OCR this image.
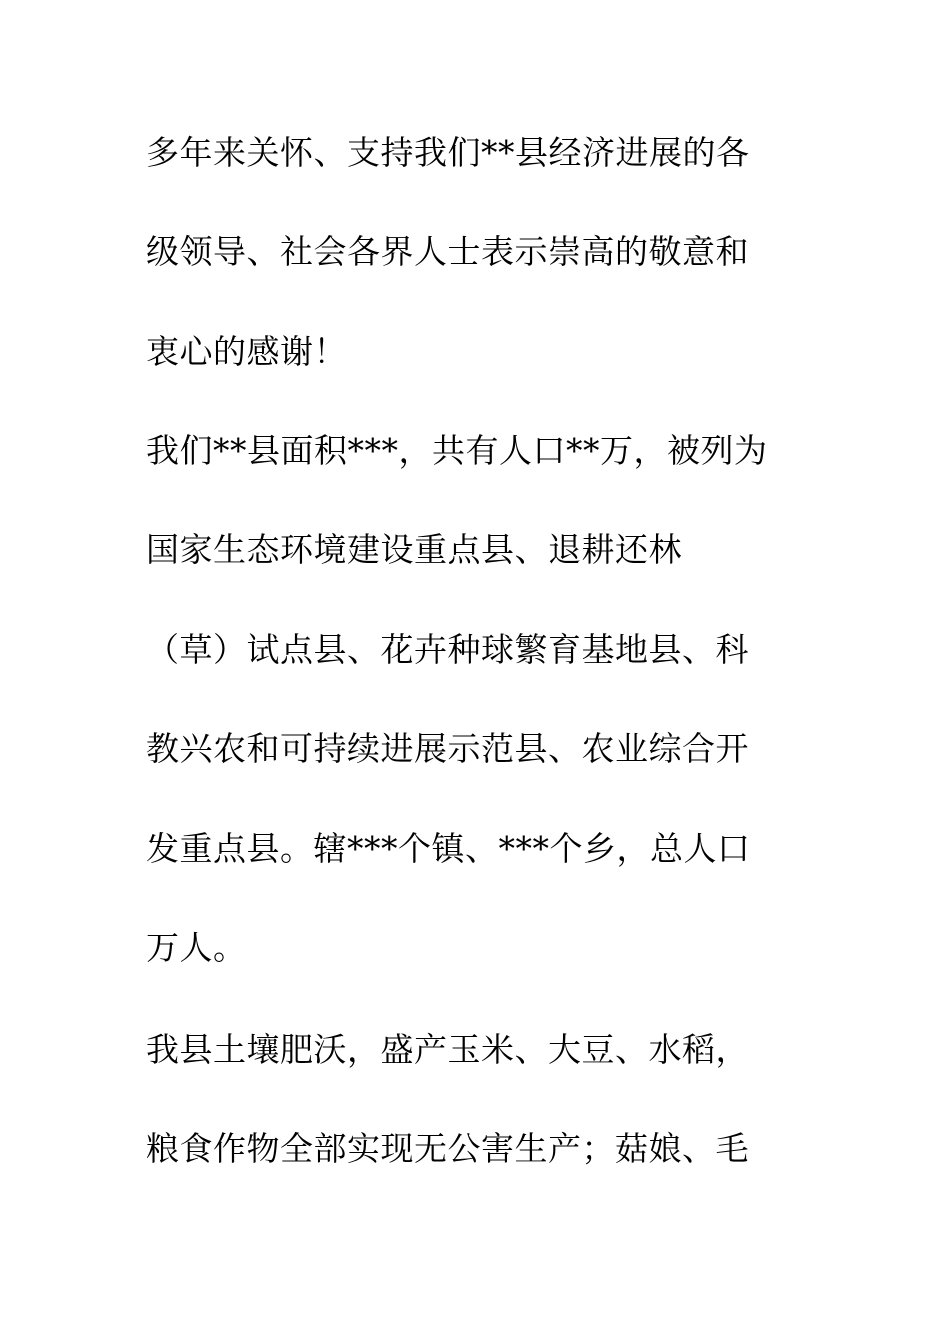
多年来关怀、支持我们**县经济进展的各
级领导、社会各界人士表示崇高的敬意和
衷心的感谢！
我们**县面积***，共有人口**万，被列为
国家生态环境建设重点县、退耕还林
（草）试点县、花卉种球繁育基地县、科
教兴农和可持续进展示范县、农业综合开
发重点县。辖***个镇、***个乡，总人口
万人。
我县土壤肥沃，盛产玉米、大豆、水稻，
粮食作物全部实现无公害生产；菇娘、毛
